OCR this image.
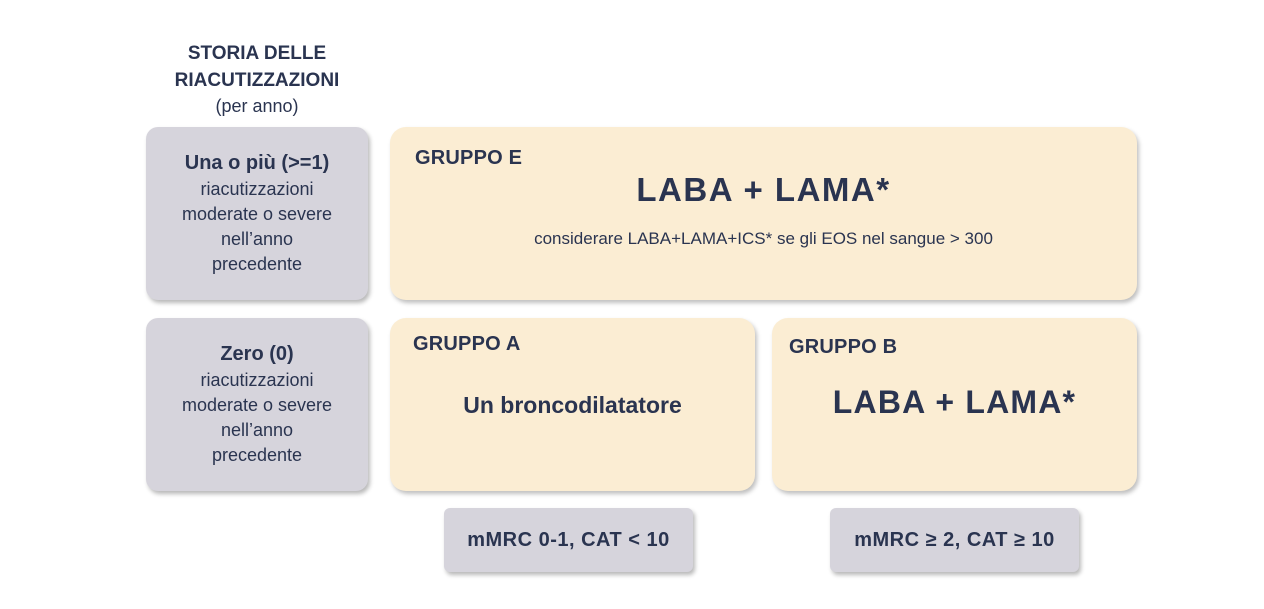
STORIA DELLE
RIACUTIZZAZIONI
(per anno)
Una o più (>=1)
riacutizzazioni
moderate o severe
nell’anno
precedente
Zero (0)
riacutizzazioni
moderate o severe
nell’anno
precedente
GRUPPO E
LABA + LAMA*
considerare LABA+LAMA+ICS* se gli EOS nel sangue > 300
GRUPPO A
Un broncodilatatore
GRUPPO B
LABA + LAMA*
mMRC 0-1, CAT < 10	mMRC ≥ 2, CAT ≥ 10
